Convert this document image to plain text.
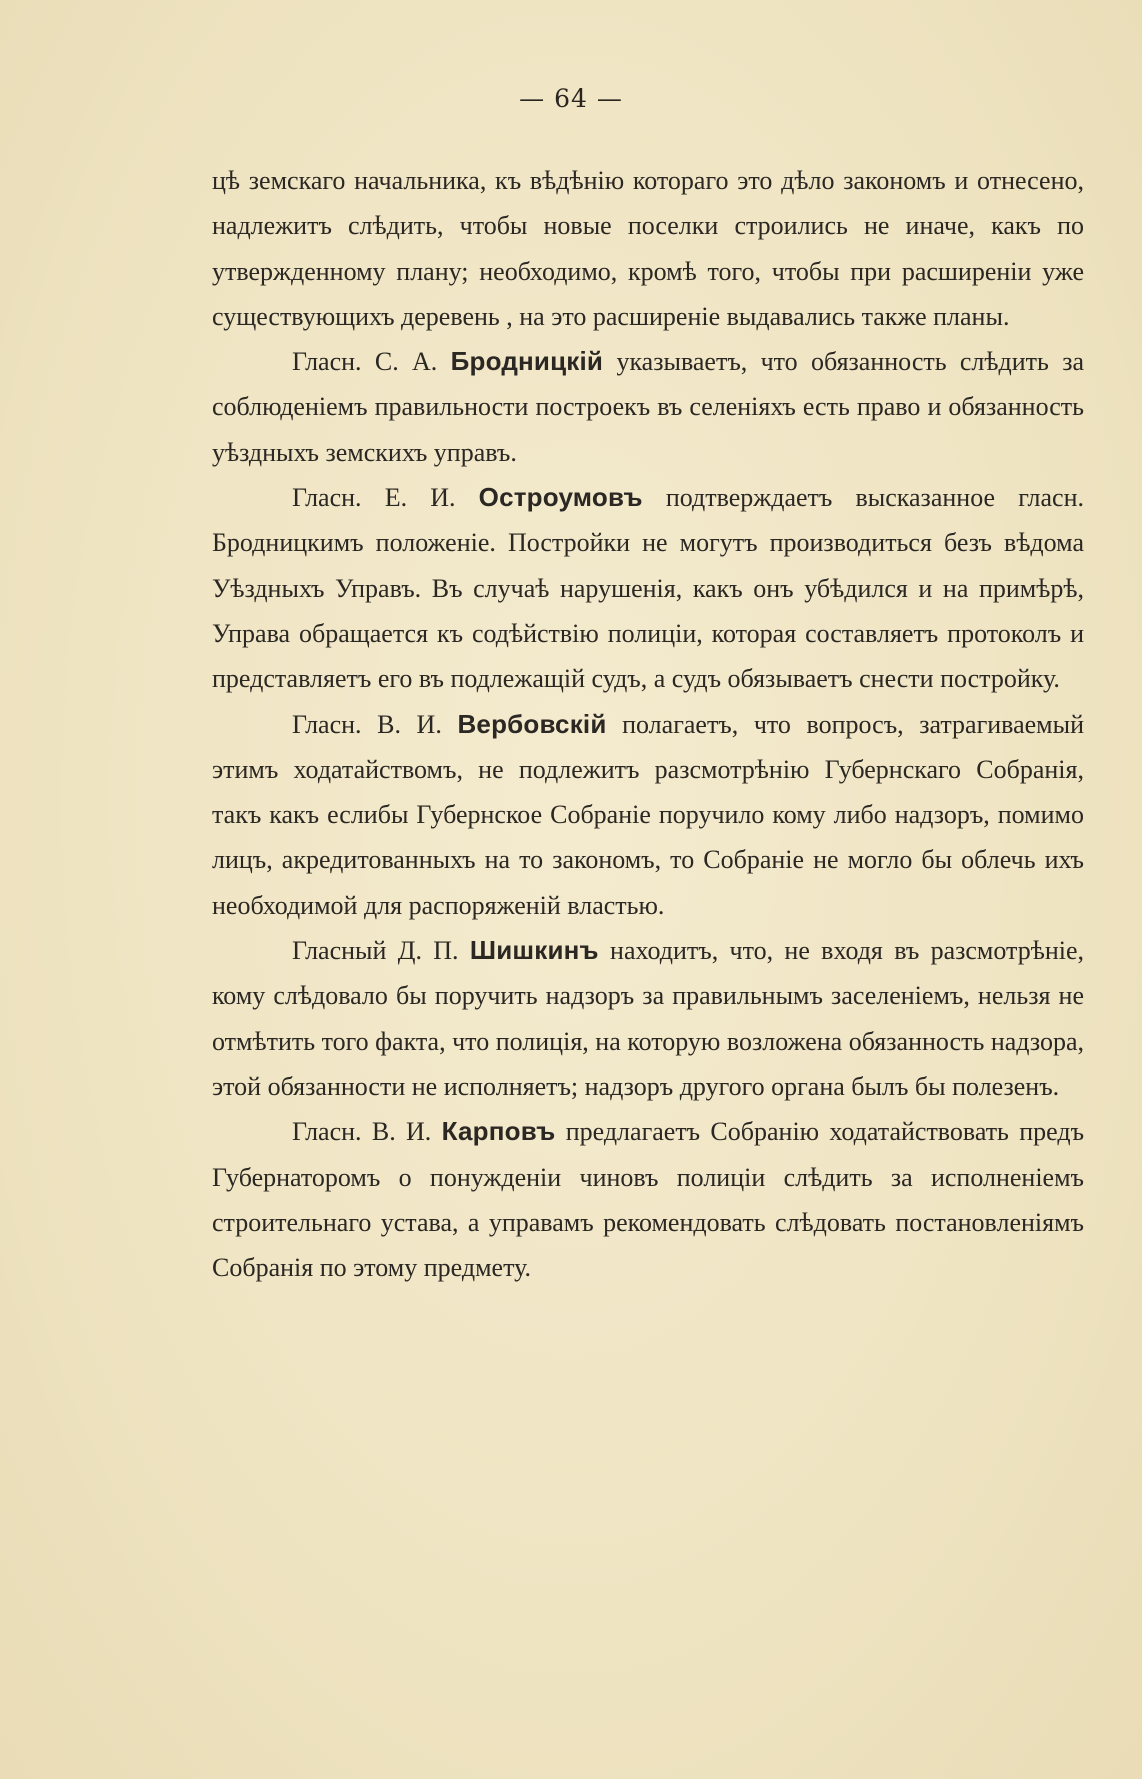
— 64 —

цѣ земскаго начальника, къ вѣдѣнію котораго это дѣло закономъ и отнесено, надлежитъ слѣдить, чтобы новые поселки строились не иначе, какъ по утвержденному плану; необходимо, кромѣ того, чтобы при расширеніи уже существующихъ деревень , на это расширеніе выдавались также планы.

Гласн. С. А. Бродницкій указываетъ, что обязанность слѣдить за соблюденіемъ правильности построекъ въ селеніяхъ есть право и обязанность уѣздныхъ земскихъ управъ.

Гласн. Е. И. Остроумовъ подтверждаетъ высказанное гласн. Бродницкимъ положеніе. Постройки не могутъ производиться безъ вѣдома Уѣздныхъ Управъ. Въ случаѣ нарушенія, какъ онъ убѣдился и на примѣрѣ, Управа обращается къ содѣйствію полиціи, которая составляетъ протоколъ и представляетъ его въ подлежащій судъ, а судъ обязываетъ снести постройку.

Гласн. В. И. Вербовскій полагаетъ, что вопросъ, затрагиваемый этимъ ходатайствомъ, не подлежитъ разсмотрѣнію Губернскаго Собранія, такъ какъ еслибы Губернское Собраніе поручило кому либо надзоръ, помимо лицъ, акредитованныхъ на то закономъ, то Собраніе не могло бы облечь ихъ необходимой для распоряженій властью.

Гласный Д. П. Шишкинъ находитъ, что, не входя въ разсмотрѣніе, кому слѣдовало бы поручить надзоръ за правильнымъ заселеніемъ, нельзя не отмѣтить того факта, что полиція, на которую возложена обязанность надзора, этой обязанности не исполняетъ; надзоръ другого органа былъ бы полезенъ.

Гласн. В. И. Карповъ предлагаетъ Собранію ходатайствовать предъ Губернаторомъ о понужденіи чиновъ полиціи слѣдить за исполненіемъ строительнаго устава, а управамъ рекомендовать слѣдовать постановленіямъ Собранія по этому предмету.
